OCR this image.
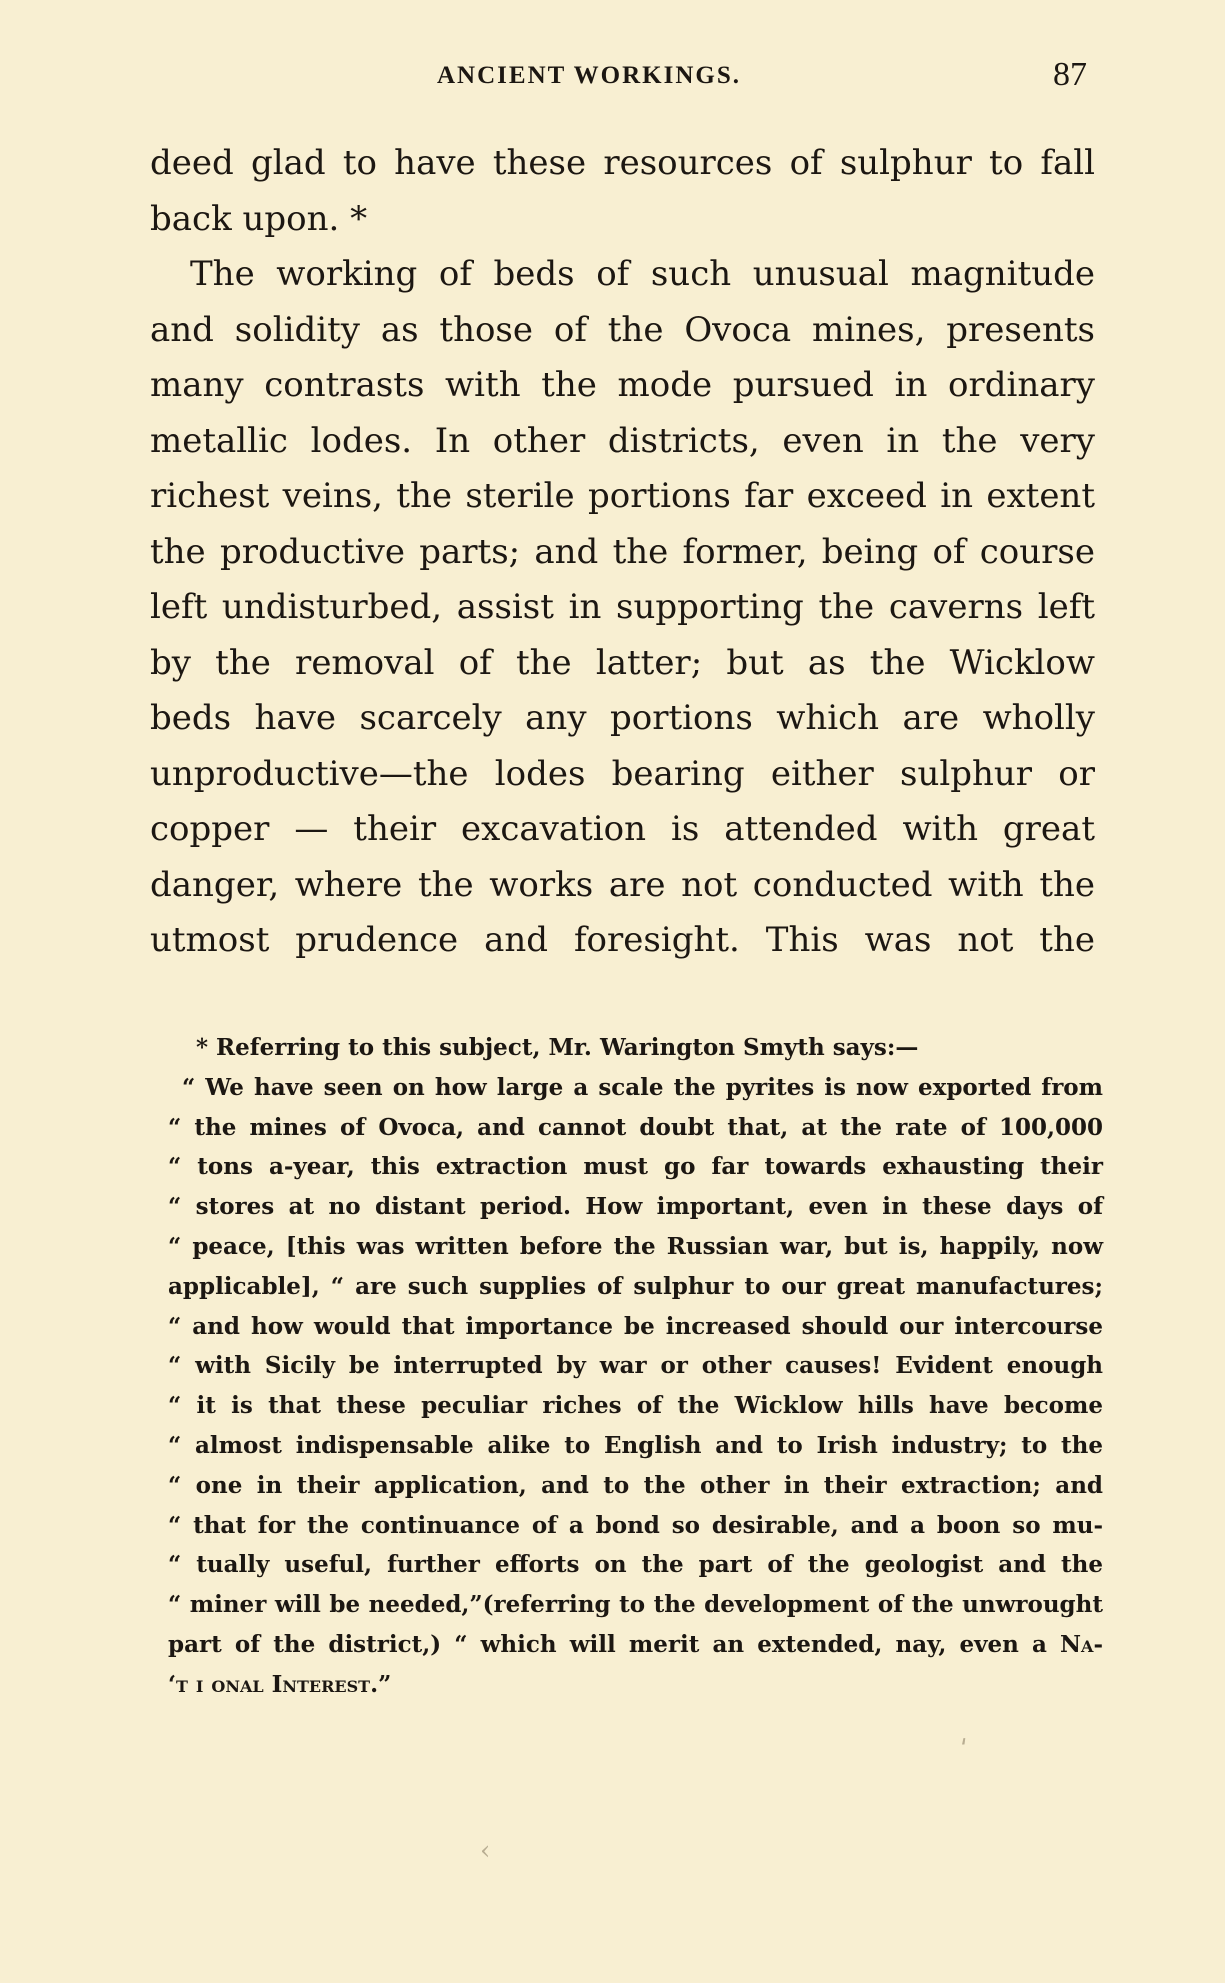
ANCIENT WORKINGS.	87
deed glad to have these resources of sulphur to fall
back upon. *
The working of beds of such unusual magnitude
and solidity as those of the Ovoca mines, presents
many contrasts with the mode pursued in ordinary
metallic lodes. In other districts, even in the very
richest veins, the sterile portions far exceed in extent
the productive parts; and the former, being of course
left undisturbed, assist in supporting the caverns left
by the removal of the latter; but as the Wicklow
beds have scarcely any portions which are wholly
unproductive—the lodes bearing either sulphur or
copper — their excavation is attended with great
danger, where the works are not conducted with the
utmost prudence and foresight. This was not the
* Referring to this subject, Mr. Warington Smyth says:—
“ We have seen on how large a scale the pyrites is now exported from
“ the mines of Ovoca, and cannot doubt that, at the rate of 100,000
“ tons a-year, this extraction must go far towards exhausting their
“ stores at no distant period. How important, even in these days of
“ peace, [this was written before the Russian war, but is, happily, now
applicable], “ are such supplies of sulphur to our great manufactures;
“ and how would that importance be increased should our intercourse
“ with Sicily be interrupted by war or other causes! Evident enough
“ it is that these peculiar riches of the Wicklow hills have become
“ almost indispensable alike to English and to Irish industry; to the
“ one in their application, and to the other in their extraction; and
“ that for the continuance of a bond so desirable, and a boon so mu-
“ tually useful, further efforts on the part of the geologist and the
“ miner will be needed,”(referring to the development of the unwrought
part of the district,) “ which will merit an extended, nay, even a Na-
‘t i onal Interest.”
͵
‹
